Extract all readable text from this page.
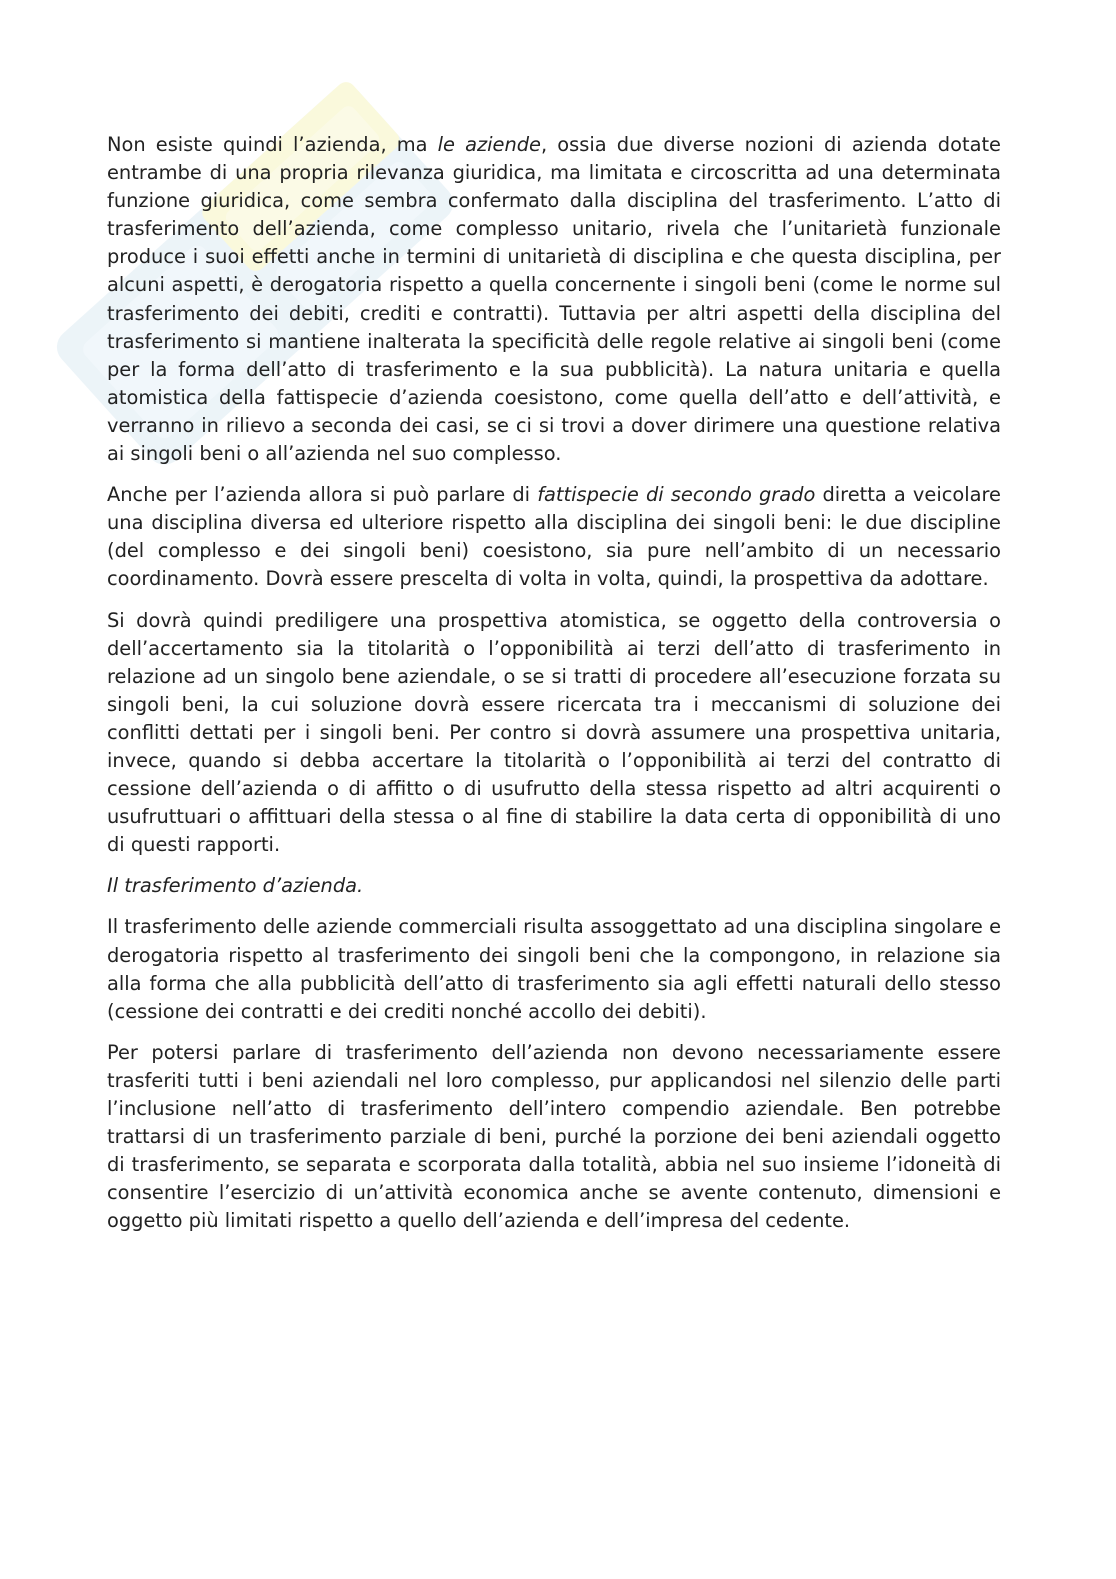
Non esiste quindi l’azienda, ma le aziende, ossia due diverse nozioni di azienda dotate entrambe di una propria rilevanza giuridica, ma limitata e circoscritta ad una determinata funzione giuridica, come sembra confermato dalla disciplina del trasferimento. L’atto di trasferimento dell’azienda, come complesso unitario, rivela che l’unitarietà funzionale produce i suoi effetti anche in termini di unitarietà di disciplina e che questa disciplina, per alcuni aspetti, è derogatoria rispetto a quella concernente i singoli beni (come le norme sul trasferimento dei debiti, crediti e contratti). Tuttavia per altri aspetti della disciplina del trasferimento si mantiene inalterata la specificità delle regole relative ai singoli beni (come per la forma dell’atto di trasferimento e la sua pubblicità). La natura unitaria e quella atomistica della fattispecie d’azienda coesistono, come quella dell’atto e dell’attività, e verranno in rilievo a seconda dei casi, se ci si trovi a dover dirimere una questione relativa ai singoli beni o all’azienda nel suo complesso.

Anche per l’azienda allora si può parlare di fattispecie di secondo grado diretta a veicolare una disciplina diversa ed ulteriore rispetto alla disciplina dei singoli beni: le due discipline (del complesso e dei singoli beni) coesistono, sia pure nell’ambito di un necessario coordinamento. Dovrà essere prescelta di volta in volta, quindi, la prospettiva da adottare.

Si dovrà quindi prediligere una prospettiva atomistica, se oggetto della controversia o dell’accertamento sia la titolarità o l’opponibilità ai terzi dell’atto di trasferimento in relazione ad un singolo bene aziendale, o se si tratti di procedere all’esecuzione forzata su singoli beni, la cui soluzione dovrà essere ricercata tra i meccanismi di soluzione dei conflitti dettati per i singoli beni. Per contro si dovrà assumere una prospettiva unitaria, invece, quando si debba accertare la titolarità o l’opponibilità ai terzi del contratto di cessione dell’azienda o di affitto o di usufrutto della stessa rispetto ad altri acquirenti o usufruttuari o affittuari della stessa o al fine di stabilire la data certa di opponibilità di uno di questi rapporti.

Il trasferimento d’azienda.

Il trasferimento delle aziende commerciali risulta assoggettato ad una disciplina singolare e derogatoria rispetto al trasferimento dei singoli beni che la compongono, in relazione sia alla forma che alla pubblicità dell’atto di trasferimento sia agli effetti naturali dello stesso (cessione dei contratti e dei crediti nonché accollo dei debiti).

Per potersi parlare di trasferimento dell’azienda non devono necessariamente essere trasferiti tutti i beni aziendali nel loro complesso, pur applicandosi nel silenzio delle parti l’inclusione nell’atto di trasferimento dell’intero compendio aziendale. Ben potrebbe trattarsi di un trasferimento parziale di beni, purché la porzione dei beni aziendali oggetto di trasferimento, se separata e scorporata dalla totalità, abbia nel suo insieme l’idoneità di consentire l’esercizio di un’attività economica anche se avente contenuto, dimensioni e oggetto più limitati rispetto a quello dell’azienda e dell’impresa del cedente.
